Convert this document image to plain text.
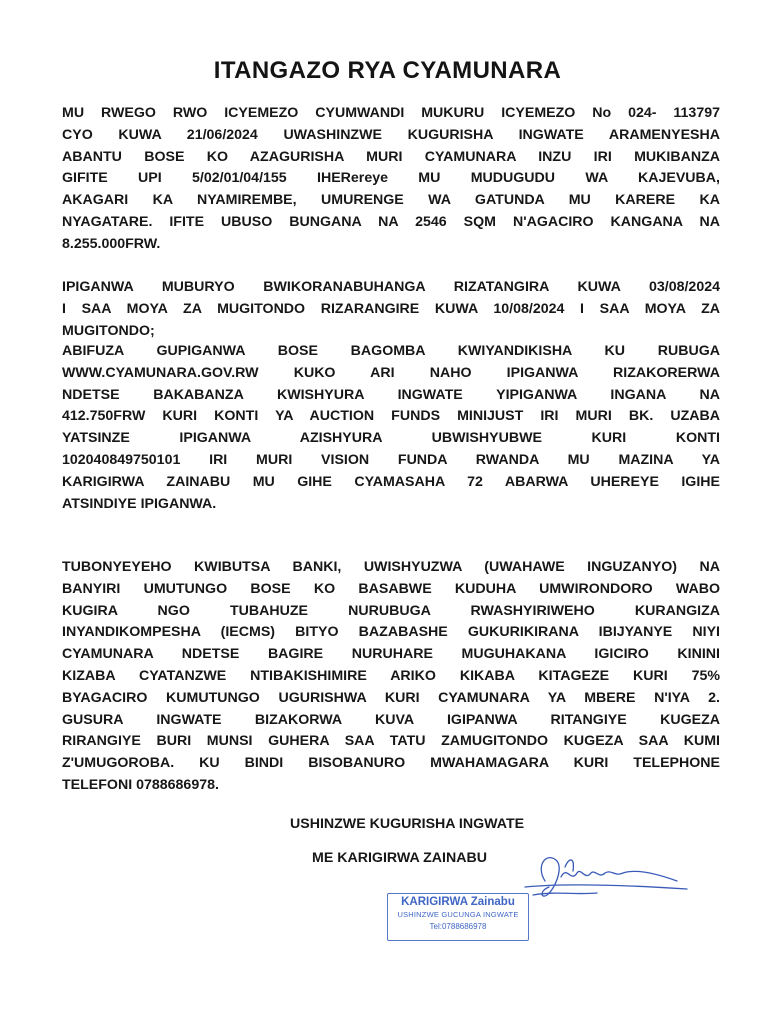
ITANGAZO RYA CYAMUNARA

MU RWEGO RWO ICYEMEZO CYUMWANDI MUKURU ICYEMEZO No 024- 113797
CYO KUWA 21/06/2024 UWASHINZWE KUGURISHA INGWATE ARAMENYESHA
ABANTU BOSE KO AZAGURISHA MURI CYAMUNARA INZU IRI MUKIBANZA
GIFITE UPI 5/02/01/04/155 IHERereye MU MUDUGUDU WA KAJEVUBA,
AKAGARI KA NYAMIREMBE, UMURENGE WA GATUNDA MU KARERE KA
NYAGATARE. IFITE UBUSO BUNGANA NA 2546 SQM N'AGACIRO KANGANA NA
8.255.000FRW.

IPIGANWA MUBURYO BWIKORANABUHANGA RIZATANGIRA KUWA 03/08/2024
I SAA MOYA ZA MUGITONDO RIZARANGIRE KUWA 10/08/2024 I SAA MOYA ZA
MUGITONDO;

ABIFUZA GUPIGANWA BOSE BAGOMBA KWIYANDIKISHA KU RUBUGA
WWW.CYAMUNARA.GOV.RW KUKO ARI NAHO IPIGANWA RIZAKORERWA
NDETSE BAKABANZA KWISHYURA INGWATE YIPIGANWA INGANA NA
412.750FRW KURI KONTI YA AUCTION FUNDS MINIJUST IRI MURI BK. UZABA
YATSINZE IPIGANWA AZISHYURA UBWISHYUBWE KURI KONTI
102040849750101 IRI MURI VISION FUNDA RWANDA MU MAZINA YA
KARIGIRWA ZAINABU MU GIHE CYAMASAHA 72 ABARWA UHEREYE IGIHE
ATSINDIYE IPIGANWA.

TUBONYEYEHO KWIBUTSA BANKI, UWISHYUZWA (UWAHAWE INGUZANYO) NA
BANYIRI UMUTUNGO BOSE KO BASABWE KUDUHA UMWIRONDORO WABO
KUGIRA NGO TUBAHUZE NURUBUGA RWASHYIRIWEHO KURANGIZA
INYANDIKOMPESHA (IECMS) BITYO BAZABASHE GUKURIKIRANA IBIJYANYE NIYI
CYAMUNARA NDETSE BAGIRE NURUHARE MUGUHAKANA IGICIRO KININI
KIZABA CYATANZWE NTIBAKISHIMIRE ARIKO KIKABA KITAGEZE KURI 75%
BYAGACIRO KUMUTUNGO UGURISHWA KURI CYAMUNARA YA MBERE N'IYA 2.
GUSURA INGWATE BIZAKORWA KUVA IGIPANWA RITANGIYE KUGEZA
RIRANGIYE BURI MUNSI GUHERA SAA TATU ZAMUGITONDO KUGEZA SAA KUMI
Z'UMUGOROBA. KU BINDI BISOBANURO MWAHAMAGARA KURI TELEPHONE
TELEFONI 0788686978.

USHINZWE KUGURISHA INGWATE

ME KARIGIRWA ZAINABU

KARIGIRWA Zainabu
USHINZWE GUCUNGA INGWATE
Tel:0788686978
